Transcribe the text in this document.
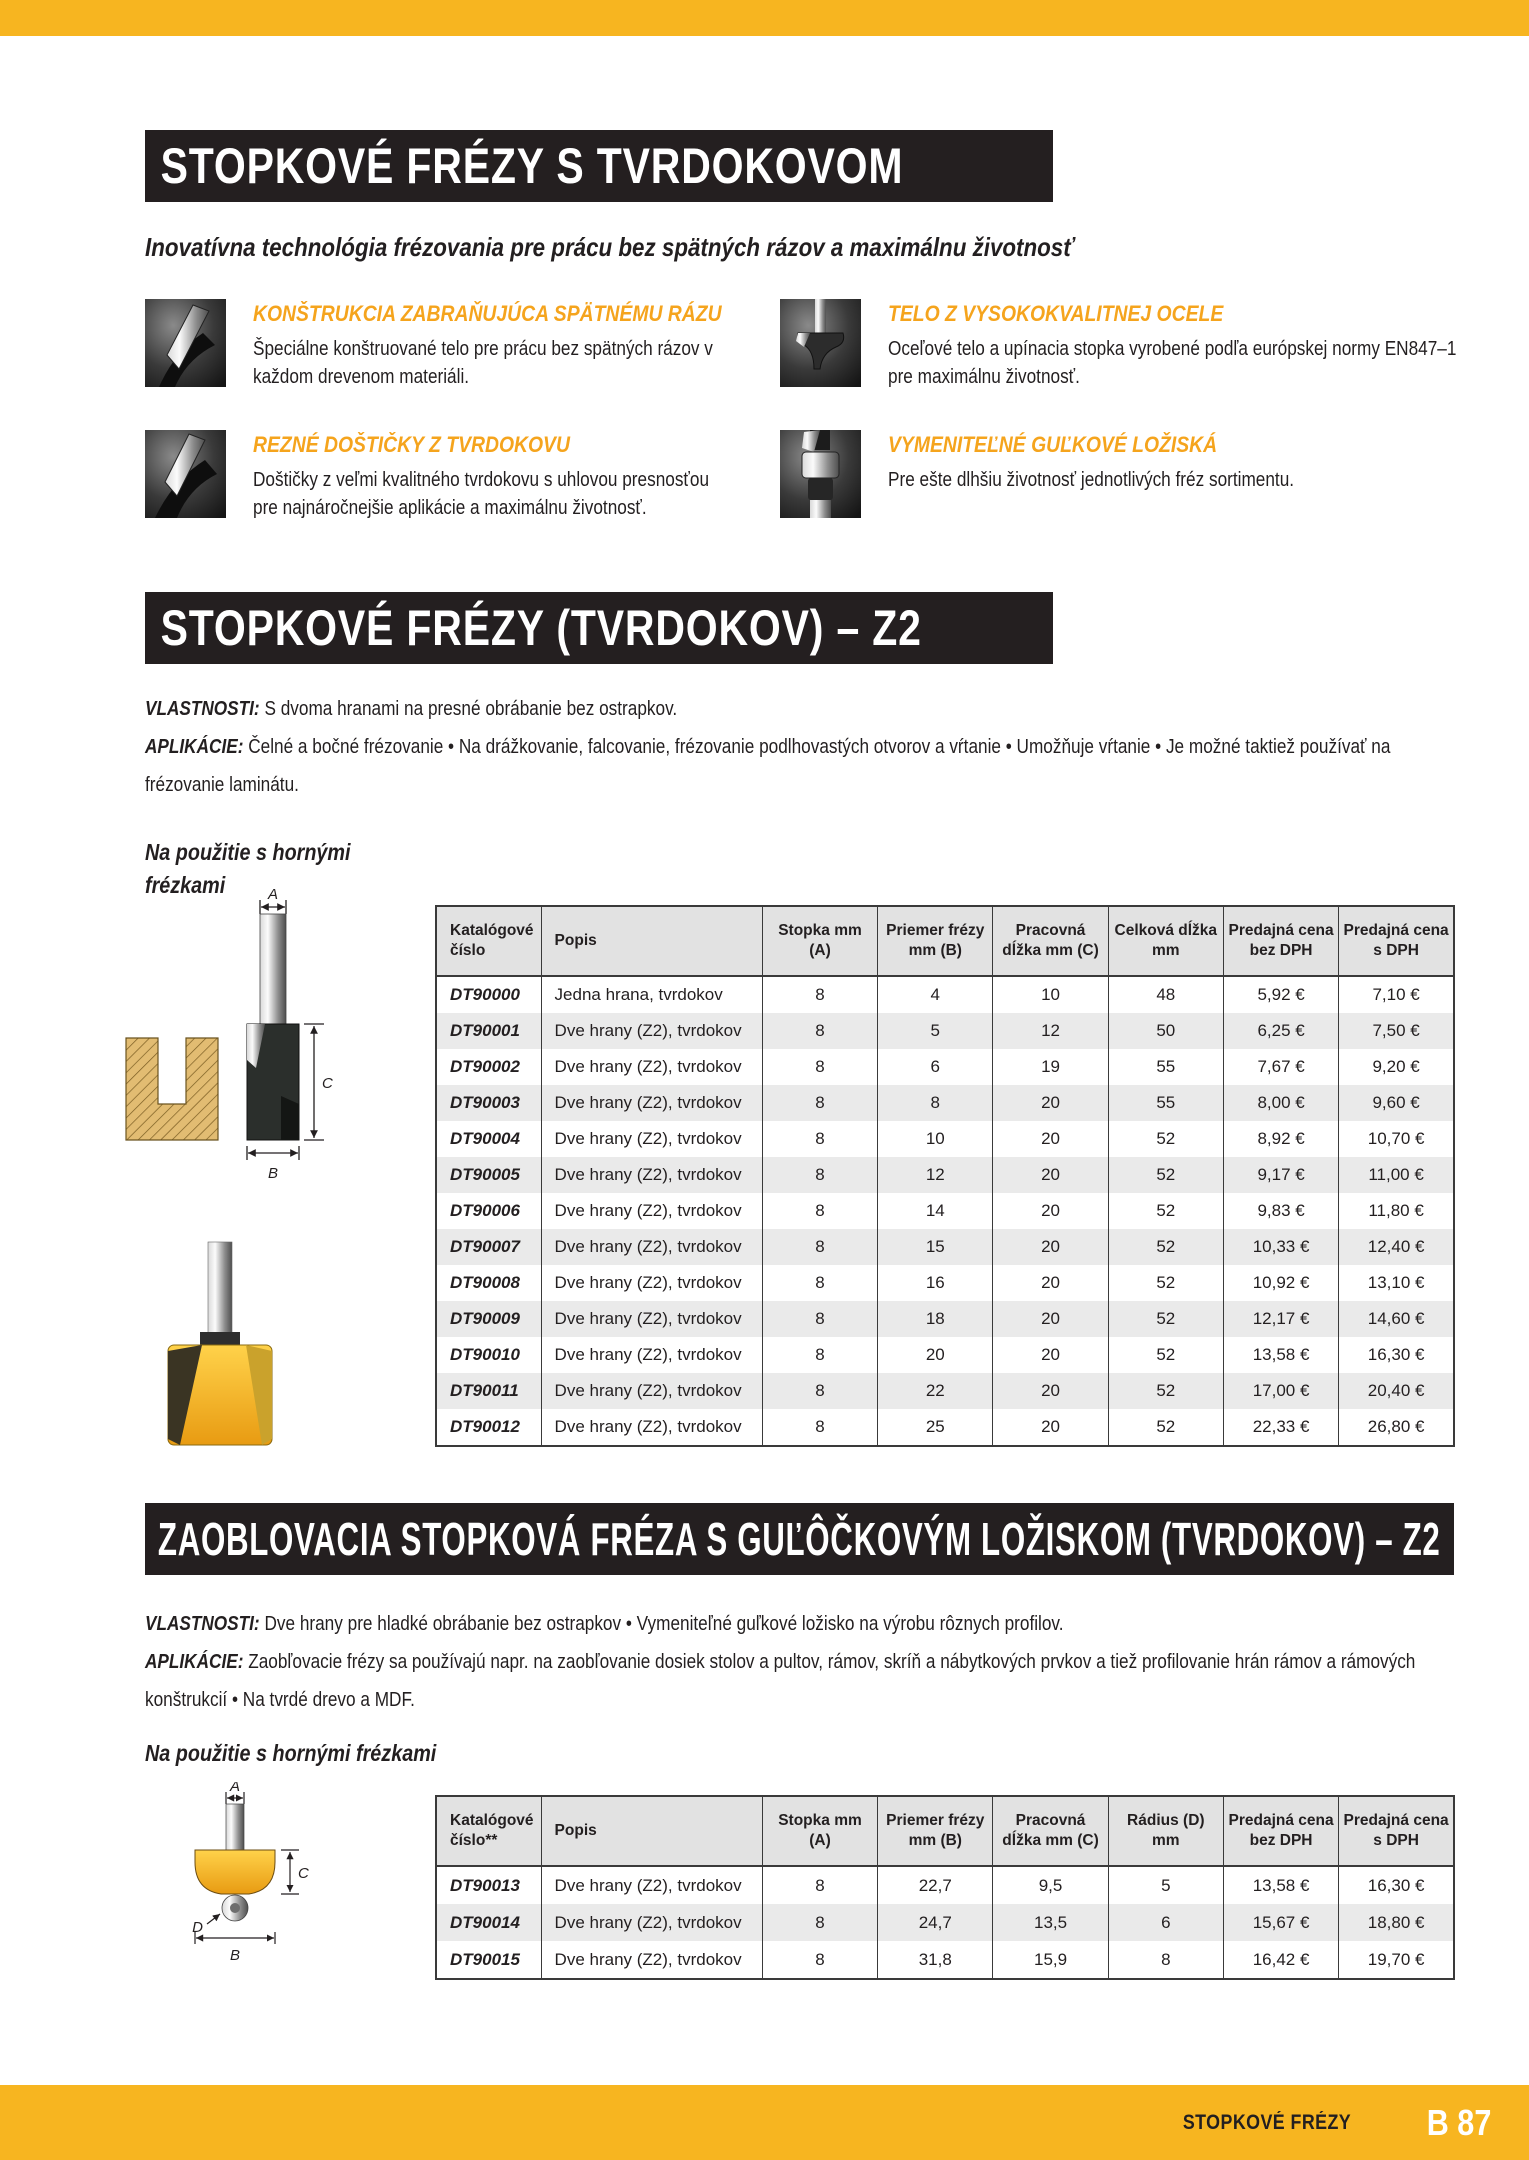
STOPKOVÉ FRÉZY S TVRDOKOVOM

Inovatívna technológia frézovania pre prácu bez spätných rázov a maximálnu životnosť

KONŠTRUKCIA ZABRAŇUJÚCA SPÄTNÉMU RÁZU

Špeciálne konštruované telo pre prácu bez spätných rázov v každom drevenom materiáli.

TELO Z VYSOKOKVALITNEJ OCELE

Oceľové telo a upínacia stopka vyrobené podľa európskej normy EN847–1 pre maximálnu životnosť.

REZNÉ DOŠTIČKY Z TVRDOKOVU

Doštičky z veľmi kvalitného tvrdokovu s uhlovou presnosťou pre najnáročnejšie aplikácie a maximálnu životnosť.

VYMENITEĽNÉ GUĽKOVÉ LOŽISKÁ

Pre ešte dlhšiu životnosť jednotlivých fréz sortimentu.

STOPKOVÉ FRÉZY (TVRDOKOV) – Z2

VLASTNOSTI: S dvoma hranami na presné obrábanie bez ostrapkov.

APLIKÁCIE: Čelné a bočné frézovanie • Na drážkovanie, falcovanie, frézovanie podlhovastých otvorov a vŕtanie • Umožňuje vŕtanie • Je možné taktiež používať na frézovanie laminátu.

Na použitie s hornými frézkami	A
C
B
Katalógové číslo	Popis	Stopka mm (A)	Priemer frézy mm (B)	Pracovná dĺžka mm (C)	Celková dĺžka mm	Predajná cena bez DPH	Predajná cena s DPH
DT90000	Jedna hrana, tvrdokov	8	4	10	48	5,92 €	7,10 €
DT90001	Dve hrany (Z2), tvrdokov	8	5	12	50	6,25 €	7,50 €
DT90002	Dve hrany (Z2), tvrdokov	8	6	19	55	7,67 €	9,20 €
DT90003	Dve hrany (Z2), tvrdokov	8	8	20	55	8,00 €	9,60 €
DT90004	Dve hrany (Z2), tvrdokov	8	10	20	52	8,92 €	10,70 €
DT90005	Dve hrany (Z2), tvrdokov	8	12	20	52	9,17 €	11,00 €
DT90006	Dve hrany (Z2), tvrdokov	8	14	20	52	9,83 €	11,80 €
DT90007	Dve hrany (Z2), tvrdokov	8	15	20	52	10,33 €	12,40 €
DT90008	Dve hrany (Z2), tvrdokov	8	16	20	52	10,92 €	13,10 €
DT90009	Dve hrany (Z2), tvrdokov	8	18	20	52	12,17 €	14,60 €
DT90010	Dve hrany (Z2), tvrdokov	8	20	20	52	13,58 €	16,30 €
DT90011	Dve hrany (Z2), tvrdokov	8	22	20	52	17,00 €	20,40 €
DT90012	Dve hrany (Z2), tvrdokov	8	25	20	52	22,33 €	26,80 €
ZAOBLOVACIA STOPKOVÁ FRÉZA S GUĽÔČKOVÝM LOŽISKOM (TVRDOKOV) – Z2

VLASTNOSTI: Dve hrany pre hladké obrábanie bez ostrapkov • Vymeniteľné guľkové ložisko na výrobu rôznych profilov.

APLIKÁCIE: Zaobľovacie frézy sa používajú napr. na zaobľovanie dosiek stolov a pultov, rámov, skríň a nábytkových prvkov a tiež profilovanie hrán rámov a rámových konštrukcií • Na tvrdé drevo a MDF.

Na použitie s hornými frézkami

A
C
D
B
Katalógové číslo**	Popis	Stopka mm (A)	Priemer frézy mm (B)	Pracovná dĺžka mm (C)	Rádius (D) mm	Predajná cena bez DPH	Predajná cena s DPH
DT90013	Dve hrany (Z2), tvrdokov	8	22,7	9,5	5	13,58 €	16,30 €
DT90014	Dve hrany (Z2), tvrdokov	8	24,7	13,5	6	15,67 €	18,80 €
DT90015	Dve hrany (Z2), tvrdokov	8	31,8	15,9	8	16,42 €	19,70 €
STOPKOVÉ FRÉZY B 87
